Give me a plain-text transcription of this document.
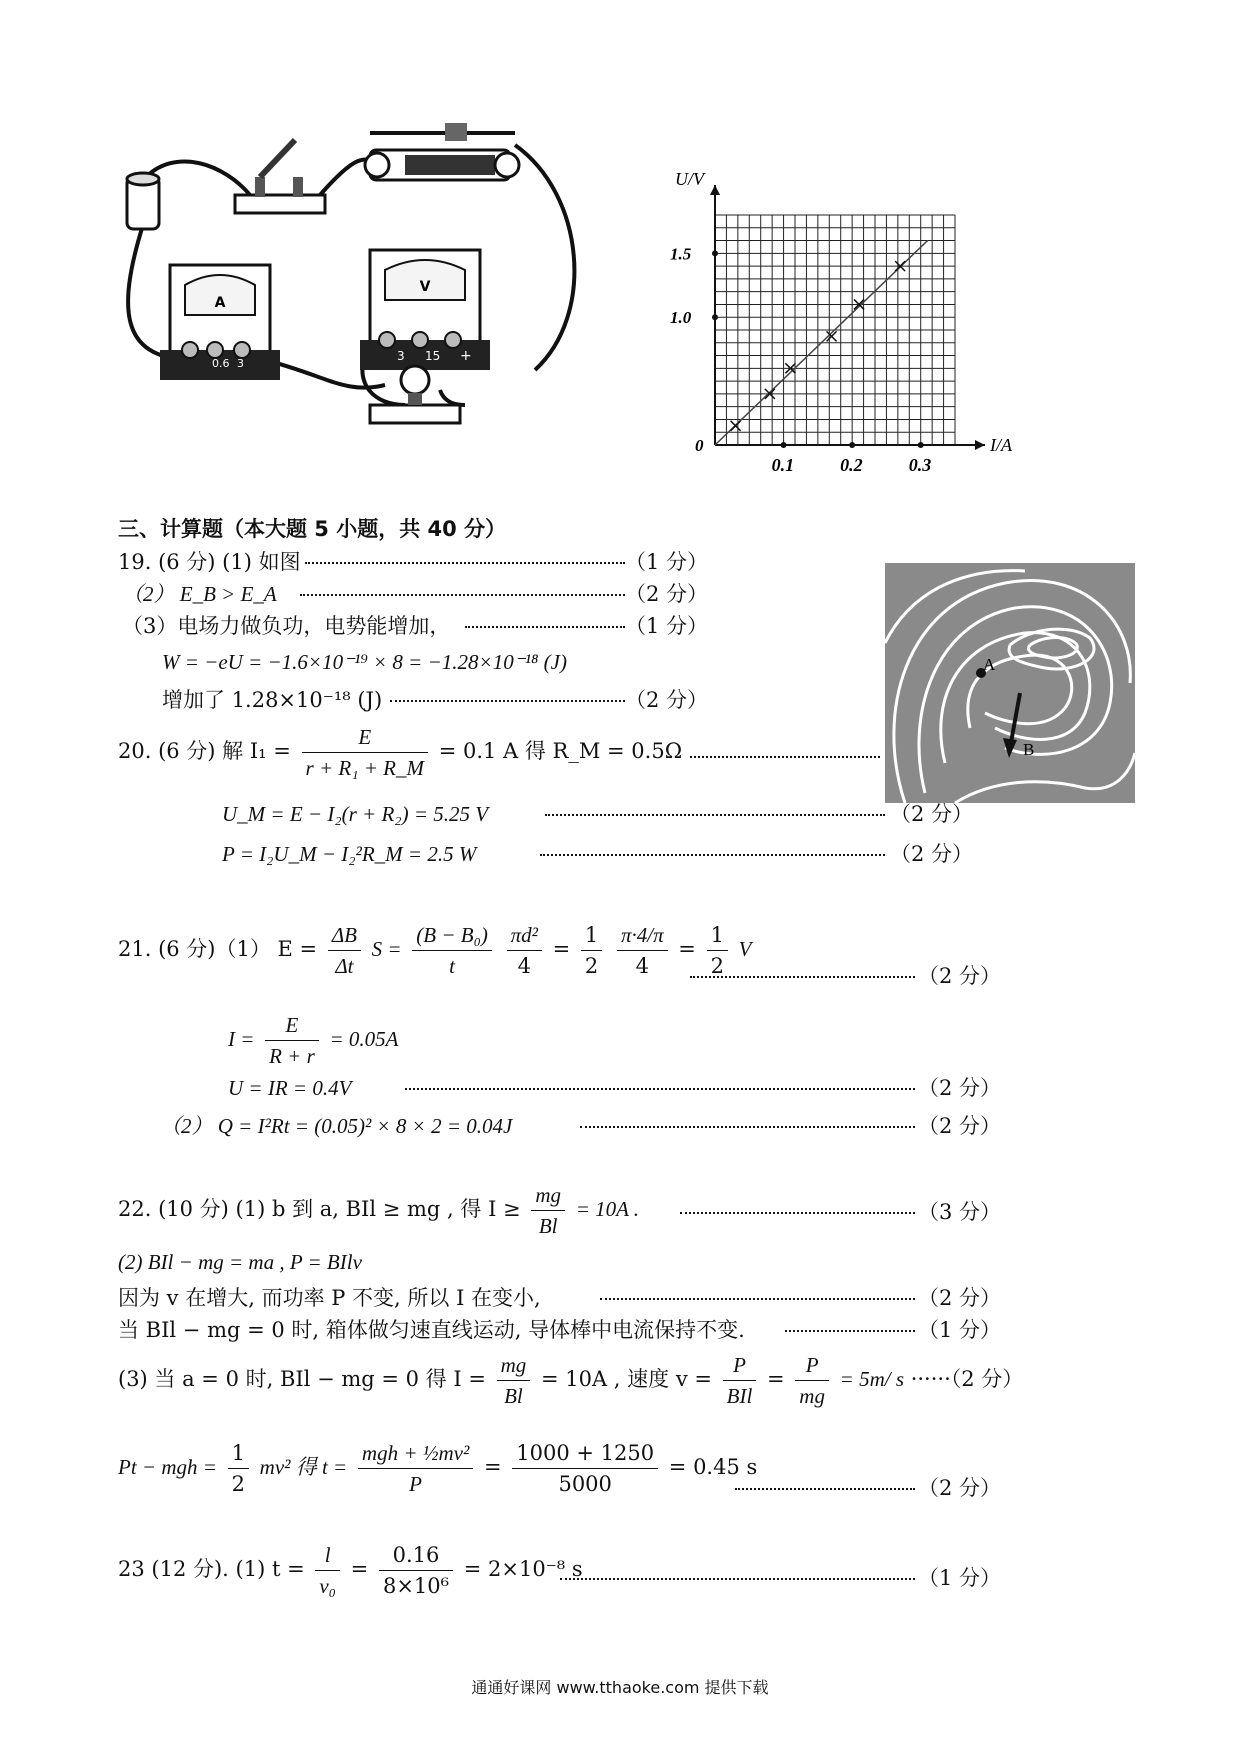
A
0.6 3
V
3 15 +
I/A
U/V
0.1	0.2	0.3
0
1.0
1.5
A
B
三、计算题（本大题 5 小题，共 40 分）
19. (6 分) (1) 如图	（1 分）
（2） E_B > E_A	（2 分）
（3）电场力做负功，电势能增加，	（1 分）
W = −eU = −1.6×10⁻¹⁹ × 8 = −1.28×10⁻¹⁸ (J)
增加了 1.28×10⁻¹⁸ (J)	（2 分）
20. (6 分) 解 $I_1 = \frac{E}{\text{r + R₁ + R\_M}} = 0.1$ A 得 R_M = 0.5Ω
U_M = E − I₂(r + R₂) = 5.25 V	（2 分）
P = I₂U_M − I₂²R_M = 2.5 W	（2 分）
21. (6 分)（1） $E = \frac{\Delta B}{\Delta t}$ $S = \frac{\text{(B − B₀)}}{t}$
$\frac{\text{πd²}}{4} = \frac{1}{2}$
$\frac{\pi\cdot 4/\pi}{4} = \frac{1}{2}$ V
（2 分）
$I = \frac{E}{R + r} = 0.05A$
U = IR = 0.4V	（2 分）
（2） Q = I²Rt = (0.05)² × 8 × 2 = 0.04J	（2 分）
22. (10 分) (1) b 到 a, BIl ≥ mg , 得 $I \ge \frac{mg}{Bl} = 10A$ .	（3 分）
(2) BIl − mg = ma , P = BIlv
因为 v 在增大, 而功率 P 不变, 所以 I 在变小,	（2 分）
当 BIl − mg = 0 时, 箱体做匀速直线运动, 导体棒中电流保持不变.	（1 分）
(3) 当 a = 0 时, BIl − mg = 0 得 $I = \frac{mg}{Bl} = 10A$ , 速度 $v = \frac{P}{\text{BIl}} = \frac{P}{mg} = 5m/$ s ······（2 分）
Pt − mgh = $\frac{1}{2} mv^2$ 得 $t = \frac{\text{mgh + ½mv²}}{P} = \frac{1000 + 1250}{5000} = 0.45$ s
（2 分）
23 (12 分). (1) $t = \frac{l}{\text{v₀}} = \frac{0.16}{\text{8×10⁶}} = 2\times 10^{-8}$ s	（1 分）
通通好课网 www.tthaoke.com 提供下载
